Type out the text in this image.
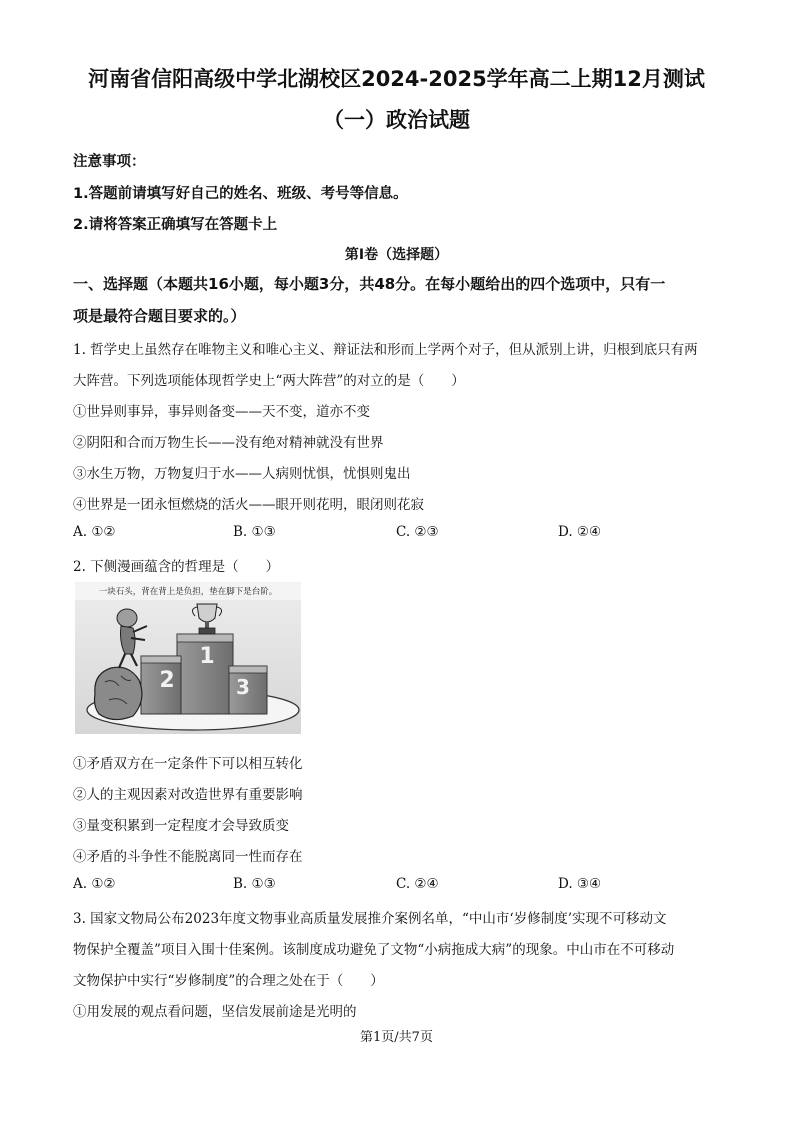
河南省信阳高级中学北湖校区2024-2025学年高二上期12月测试
（一）政治试题
注意事项：
1.答题前请填写好自己的姓名、班级、考号等信息。
2.请将答案正确填写在答题卡上
第Ⅰ卷（选择题）
一、选择题（本题共16小题，每小题3分，共48分。在每小题给出的四个选项中，只有一
项是最符合题目要求的。）
1. 哲学史上虽然存在唯物主义和唯心主义、辩证法和形而上学两个对子，但从派别上讲，归根到底只有两
大阵营。下列选项能体现哲学史上“两大阵营”的对立的是（　　）
①世异则事异，事异则备变——天不变，道亦不变
②阴阳和合而万物生长——没有绝对精神就没有世界
③水生万物，万物复归于水——人病则忧惧，忧惧则鬼出
④世界是一团永恒燃烧的活火——眼开则花明，眼闭则花寂
A. ①②	B. ①③	C. ②③	D. ②④
2. 下侧漫画蕴含的哲理是（　　）
一块石头，背在背上是负担，垫在脚下是台阶。
1
2	3
①矛盾双方在一定条件下可以相互转化
②人的主观因素对改造世界有重要影响
③量变积累到一定程度才会导致质变
④矛盾的斗争性不能脱离同一性而存在
A. ①②	B. ①③	C. ②④	D. ③④
3. 国家文物局公布2023年度文物事业高质量发展推介案例名单，“中山市‘岁修制度’实现不可移动文
物保护全覆盖”项目入围十佳案例。该制度成功避免了文物“小病拖成大病”的现象。中山市在不可移动
文物保护中实行“岁修制度”的合理之处在于（　　）
①用发展的观点看问题，坚信发展前途是光明的
第1页/共7页
